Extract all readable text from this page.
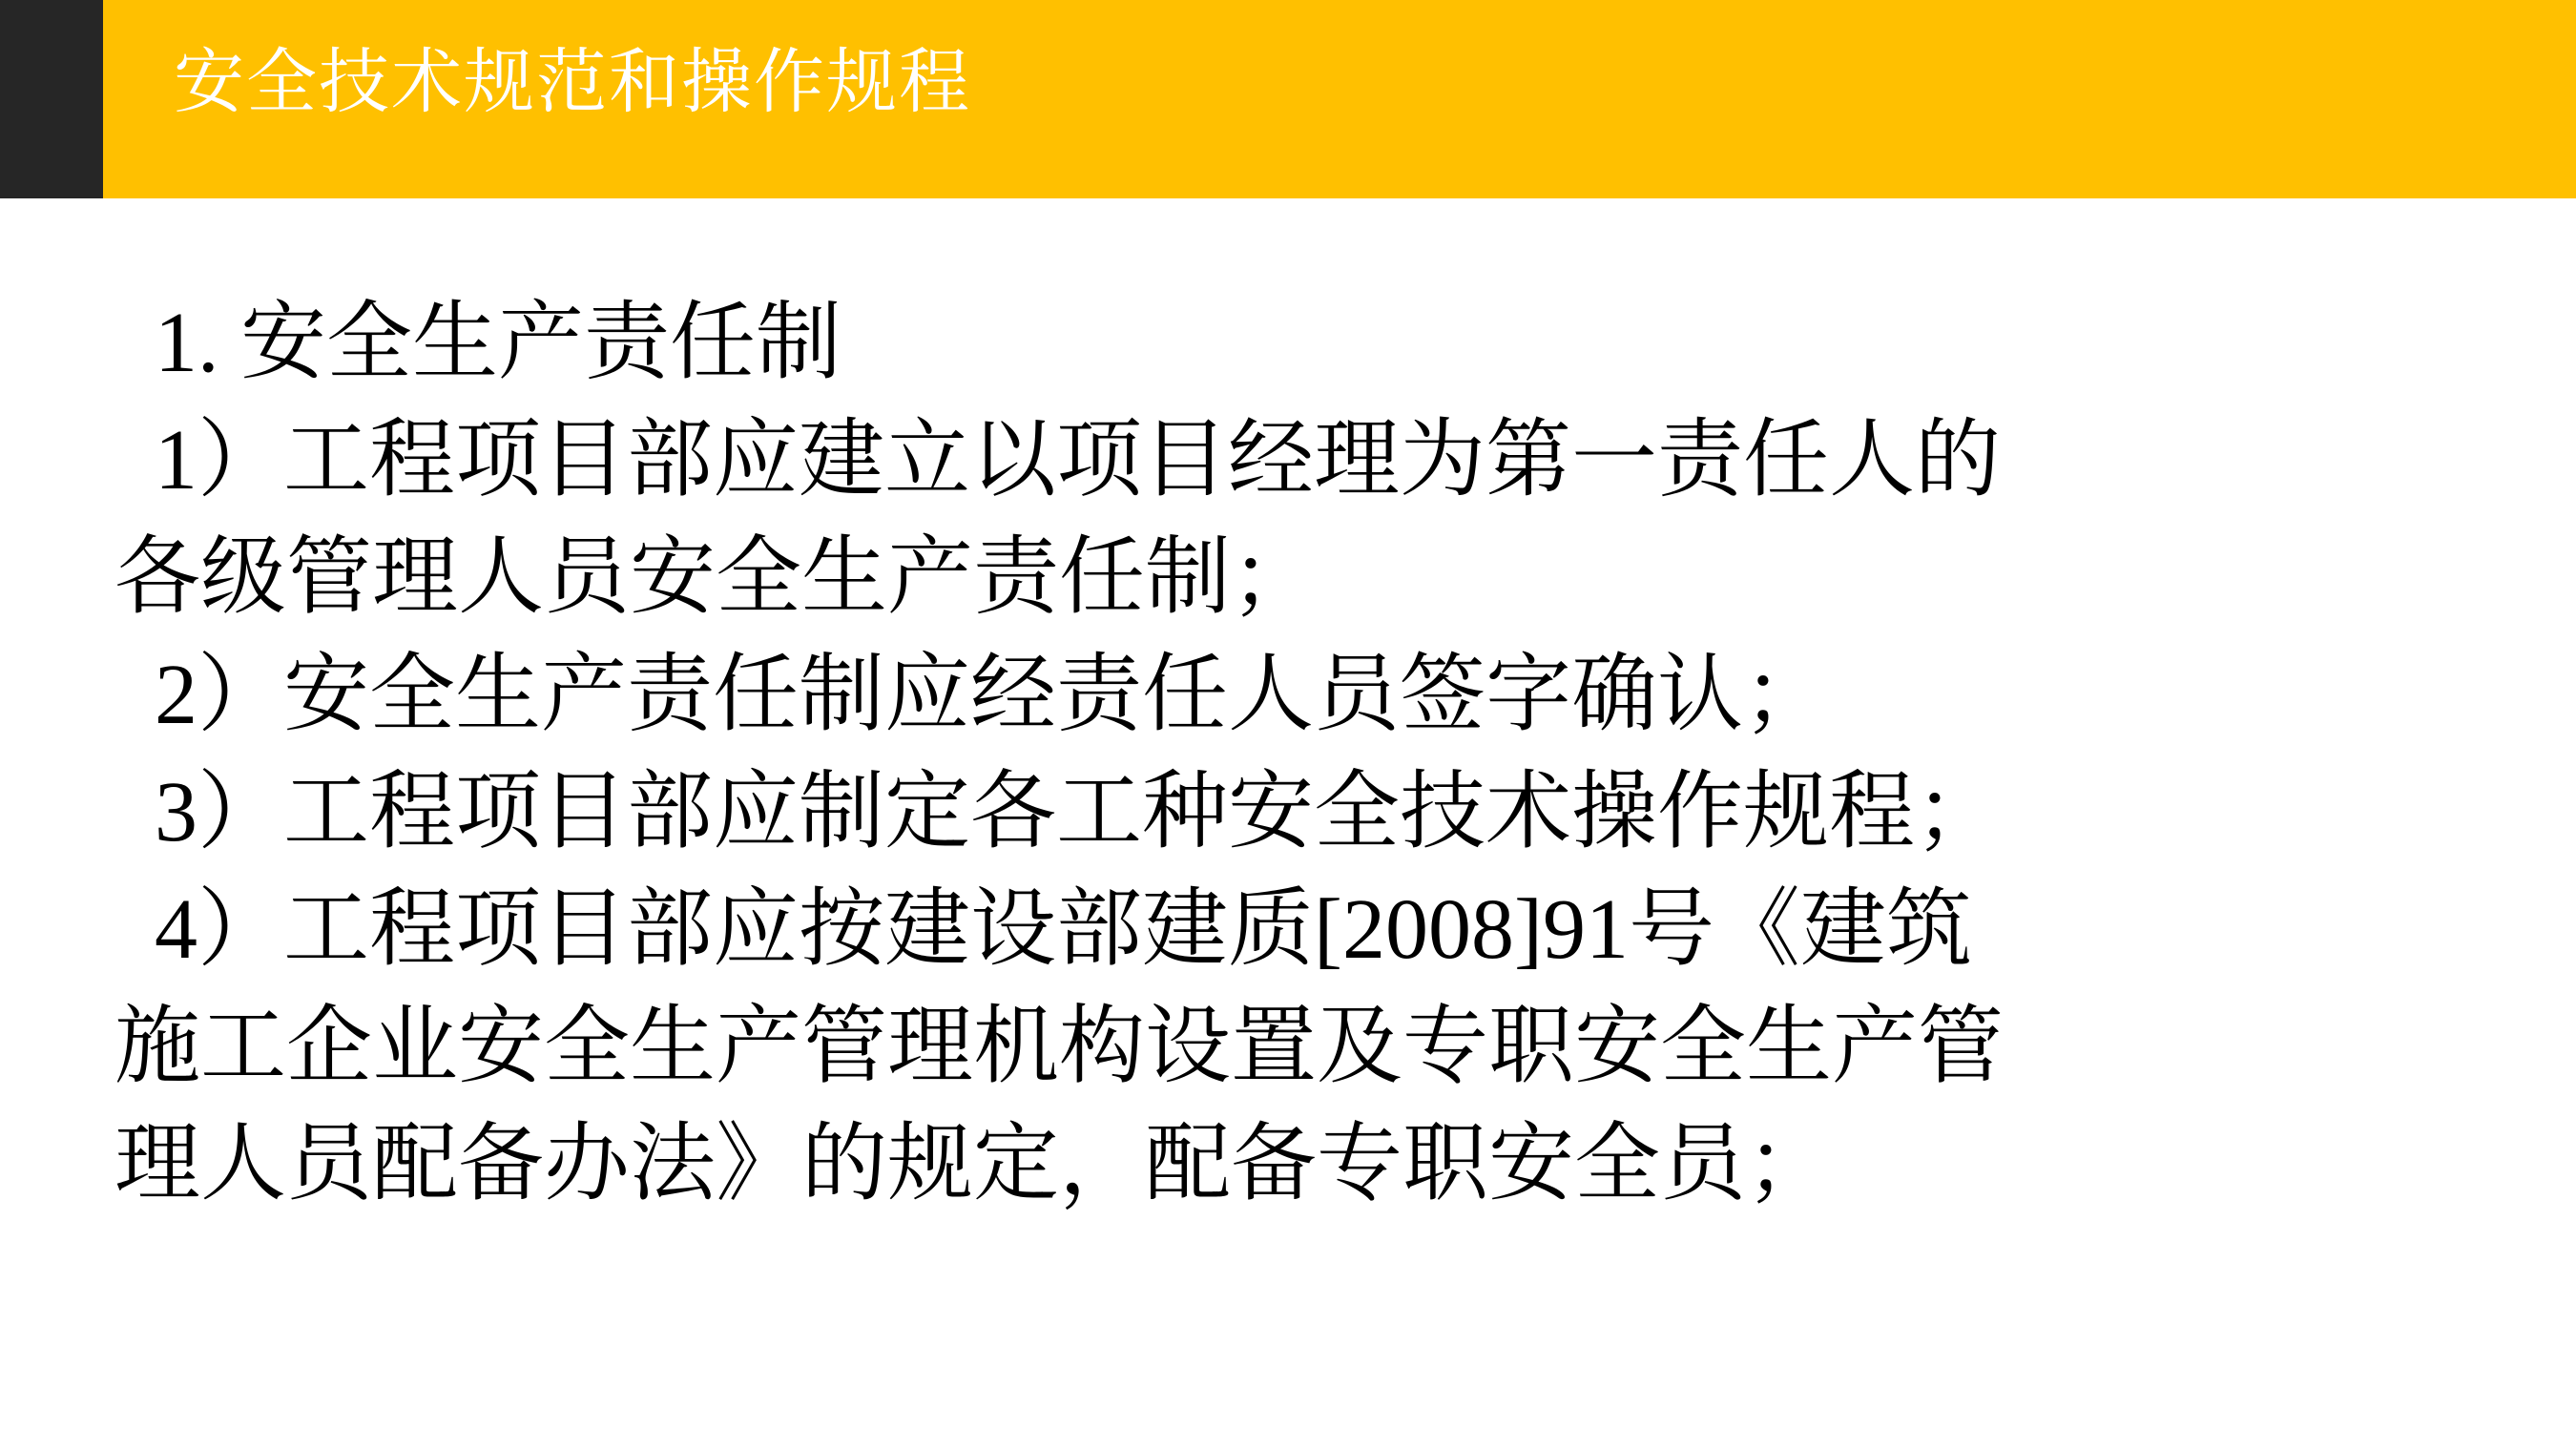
安全技术规范和操作规程
1. 安全生产责任制
1）工程项目部应建立以项目经理为第一责任人的
各级管理人员安全生产责任制；
2）安全生产责任制应经责任人员签字确认；
3）工程项目部应制定各工种安全技术操作规程；
4）工程项目部应按建设部建质[2008]91号《建筑
施工企业安全生产管理机构设置及专职安全生产管
理人员配备办法》的规定，配备专职安全员；
